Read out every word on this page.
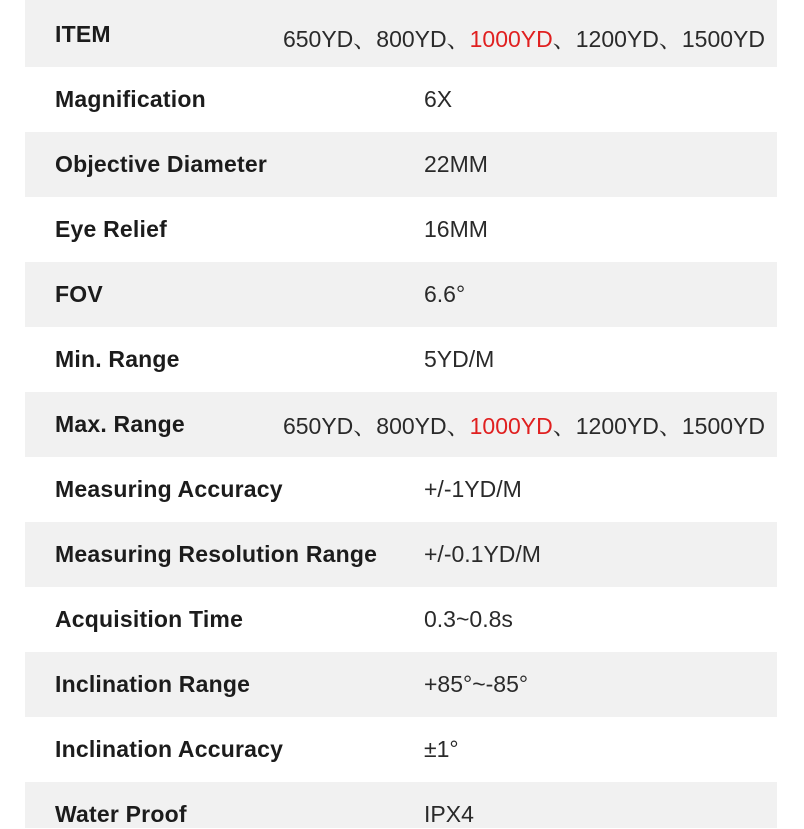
ITEM	650YD、800YD、1000YD、1200YD、1500YD
Magnification	6X
Objective Diameter	22MM
Eye Relief	16MM
FOV	6.6°
Min. Range	5YD/M
Max. Range	650YD、800YD、1000YD、1200YD、1500YD
Measuring Accuracy	+/-1YD/M
Measuring Resolution Range +/-0.1YD/M
Acquisition Time	0.3~0.8s
Inclination Range	+85°~-85°
Inclination Accuracy	±1°
Water Proof	IPX4
